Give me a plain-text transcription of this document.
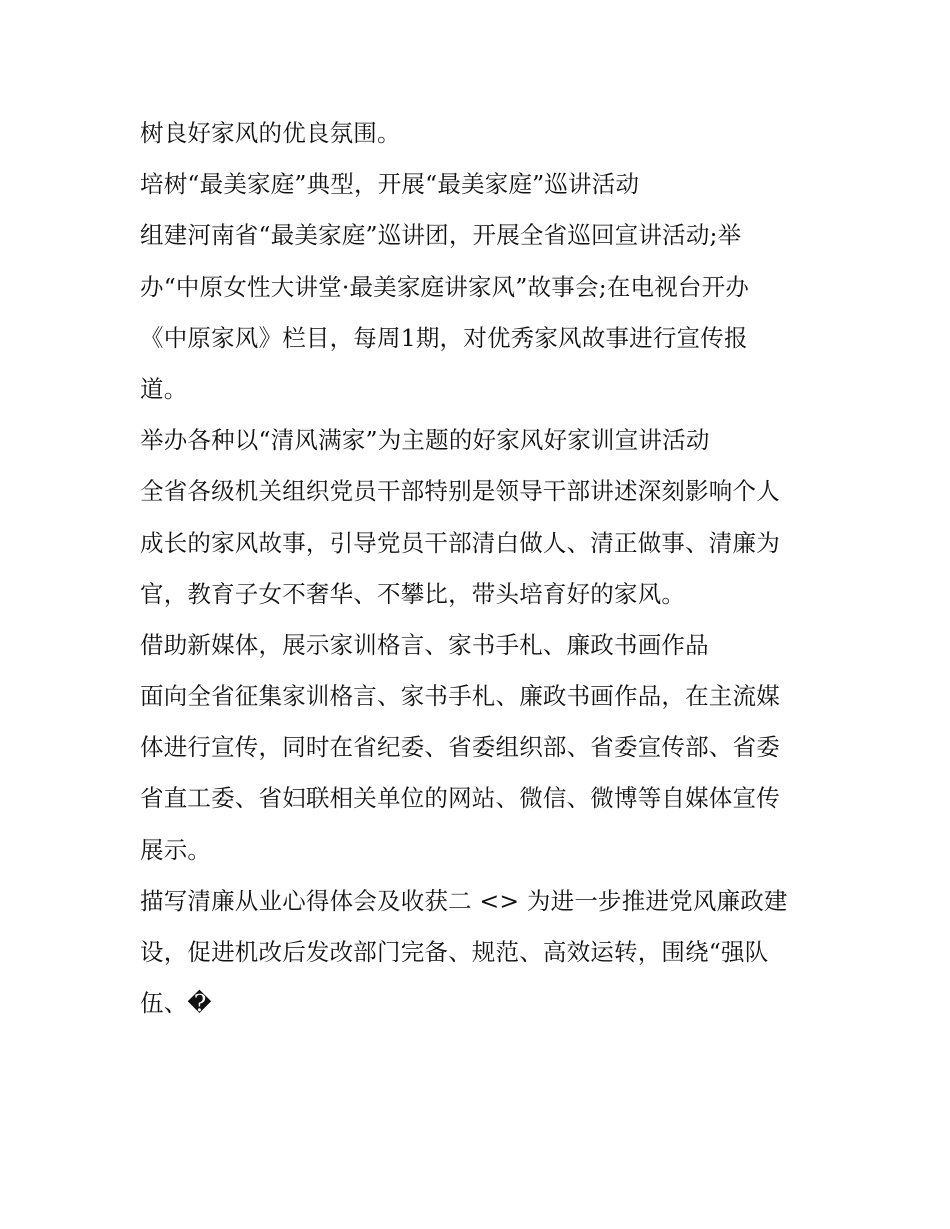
树良好家风的优良氛围。
培树“最美家庭”典型，开展“最美家庭”巡讲活动
组建河南省“最美家庭”巡讲团，开展全省巡回宣讲活动;举
办“中原女性大讲堂·最美家庭讲家风”故事会;在电视台开办
《中原家风》栏目，每周1期，对优秀家风故事进行宣传报
道。
举办各种以“清风满家”为主题的好家风好家训宣讲活动
全省各级机关组织党员干部特别是领导干部讲述深刻影响个人
成长的家风故事，引导党员干部清白做人、清正做事、清廉为
官，教育子女不奢华、不攀比，带头培育好的家风。
借助新媒体，展示家训格言、家书手札、廉政书画作品
面向全省征集家训格言、家书手札、廉政书画作品，在主流媒
体进行宣传，同时在省纪委、省委组织部、省委宣传部、省委
省直工委、省妇联相关单位的网站、微信、微博等自媒体宣传
展示。
描写清廉从业心得体会及收获二 <> 为进一步推进党风廉政建
设，促进机改后发改部门完备、规范、高效运转，围绕“强队
伍、�
